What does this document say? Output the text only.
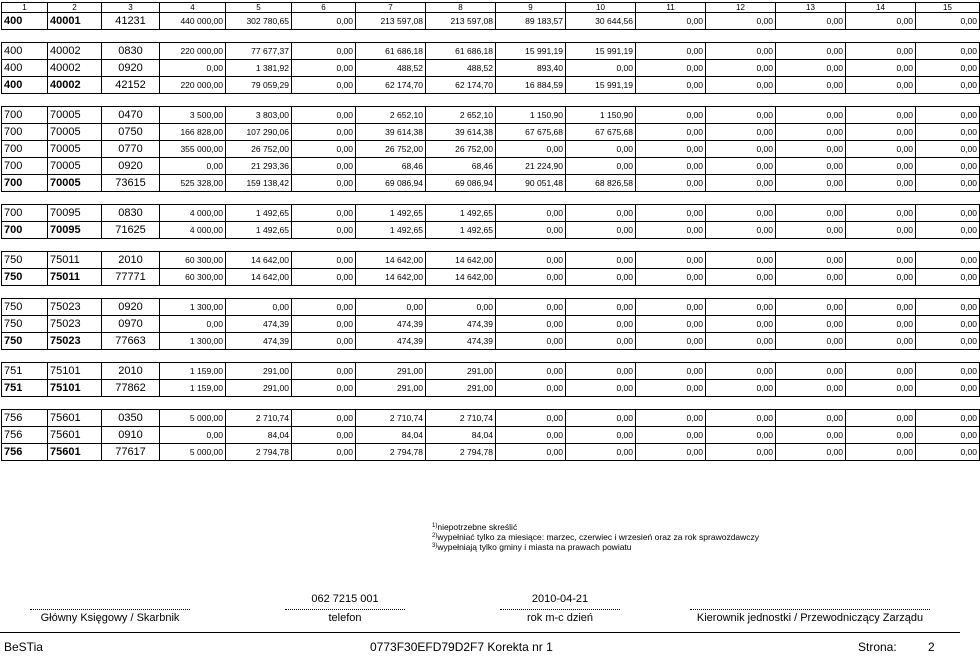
1	2	3	4	5	6	7	8	9	10	11	12	13	14	15
400	40001	41231	440 000,00	302 780,65	0,00	213 597,08	213 597,08	89 183,57	30 644,56	0,00	0,00	0,00	0,00	0,00

400	40002	0830	220 000,00	77 677,37	0,00	61 686,18	61 686,18	15 991,19	15 991,19	0,00	0,00	0,00	0,00	0,00
400	40002	0920	0,00	1 381,92	0,00	488,52	488,52	893,40	0,00	0,00	0,00	0,00	0,00	0,00
400	40002	42152	220 000,00	79 059,29	0,00	62 174,70	62 174,70	16 884,59	15 991,19	0,00	0,00	0,00	0,00	0,00

700	70005	0470	3 500,00	3 803,00	0,00	2 652,10	2 652,10	1 150,90	1 150,90	0,00	0,00	0,00	0,00	0,00
700	70005	0750	166 828,00	107 290,06	0,00	39 614,38	39 614,38	67 675,68	67 675,68	0,00	0,00	0,00	0,00	0,00
700	70005	0770	355 000,00	26 752,00	0,00	26 752,00	26 752,00	0,00	0,00	0,00	0,00	0,00	0,00	0,00
700	70005	0920	0,00	21 293,36	0,00	68,46	68,46	21 224,90	0,00	0,00	0,00	0,00	0,00	0,00
700	70005	73615	525 328,00	159 138,42	0,00	69 086,94	69 086,94	90 051,48	68 826,58	0,00	0,00	0,00	0,00	0,00

700	70095	0830	4 000,00	1 492,65	0,00	1 492,65	1 492,65	0,00	0,00	0,00	0,00	0,00	0,00	0,00
700	70095	71625	4 000,00	1 492,65	0,00	1 492,65	1 492,65	0,00	0,00	0,00	0,00	0,00	0,00	0,00

750	75011	2010	60 300,00	14 642,00	0,00	14 642,00	14 642,00	0,00	0,00	0,00	0,00	0,00	0,00	0,00
750	75011	77771	60 300,00	14 642,00	0,00	14 642,00	14 642,00	0,00	0,00	0,00	0,00	0,00	0,00	0,00

750	75023	0920	1 300,00	0,00	0,00	0,00	0,00	0,00	0,00	0,00	0,00	0,00	0,00	0,00
750	75023	0970	0,00	474,39	0,00	474,39	474,39	0,00	0,00	0,00	0,00	0,00	0,00	0,00
750	75023	77663	1 300,00	474,39	0,00	474,39	474,39	0,00	0,00	0,00	0,00	0,00	0,00	0,00

751	75101	2010	1 159,00	291,00	0,00	291,00	291,00	0,00	0,00	0,00	0,00	0,00	0,00	0,00
751	75101	77862	1 159,00	291,00	0,00	291,00	291,00	0,00	0,00	0,00	0,00	0,00	0,00	0,00

756	75601	0350	5 000,00	2 710,74	0,00	2 710,74	2 710,74	0,00	0,00	0,00	0,00	0,00	0,00	0,00
756	75601	0910	0,00	84,04	0,00	84,04	84,04	0,00	0,00	0,00	0,00	0,00	0,00	0,00
756	75601	77617	5 000,00	2 794,78	0,00	2 794,78	2 794,78	0,00	0,00	0,00	0,00	0,00	0,00	0,00
$^{1)}$niepotrzebne skreślić
$^{2)}$wypełniać tylko za miesiące: marzec, czerwiec i wrzesień oraz za rok sprawozdawczy
$^{3)}$wypełniają tylko gminy i miasta na prawach powiatu
Główny Księgowy / Skarbnik
062 7215 001
telefon
2010-04-21
rok m-c dzień	Kierownik jednostki / Przewodniczący Zarządu
BeSTia	0773F30EFD79D2F7 Korekta nr 1	Strona:	2
